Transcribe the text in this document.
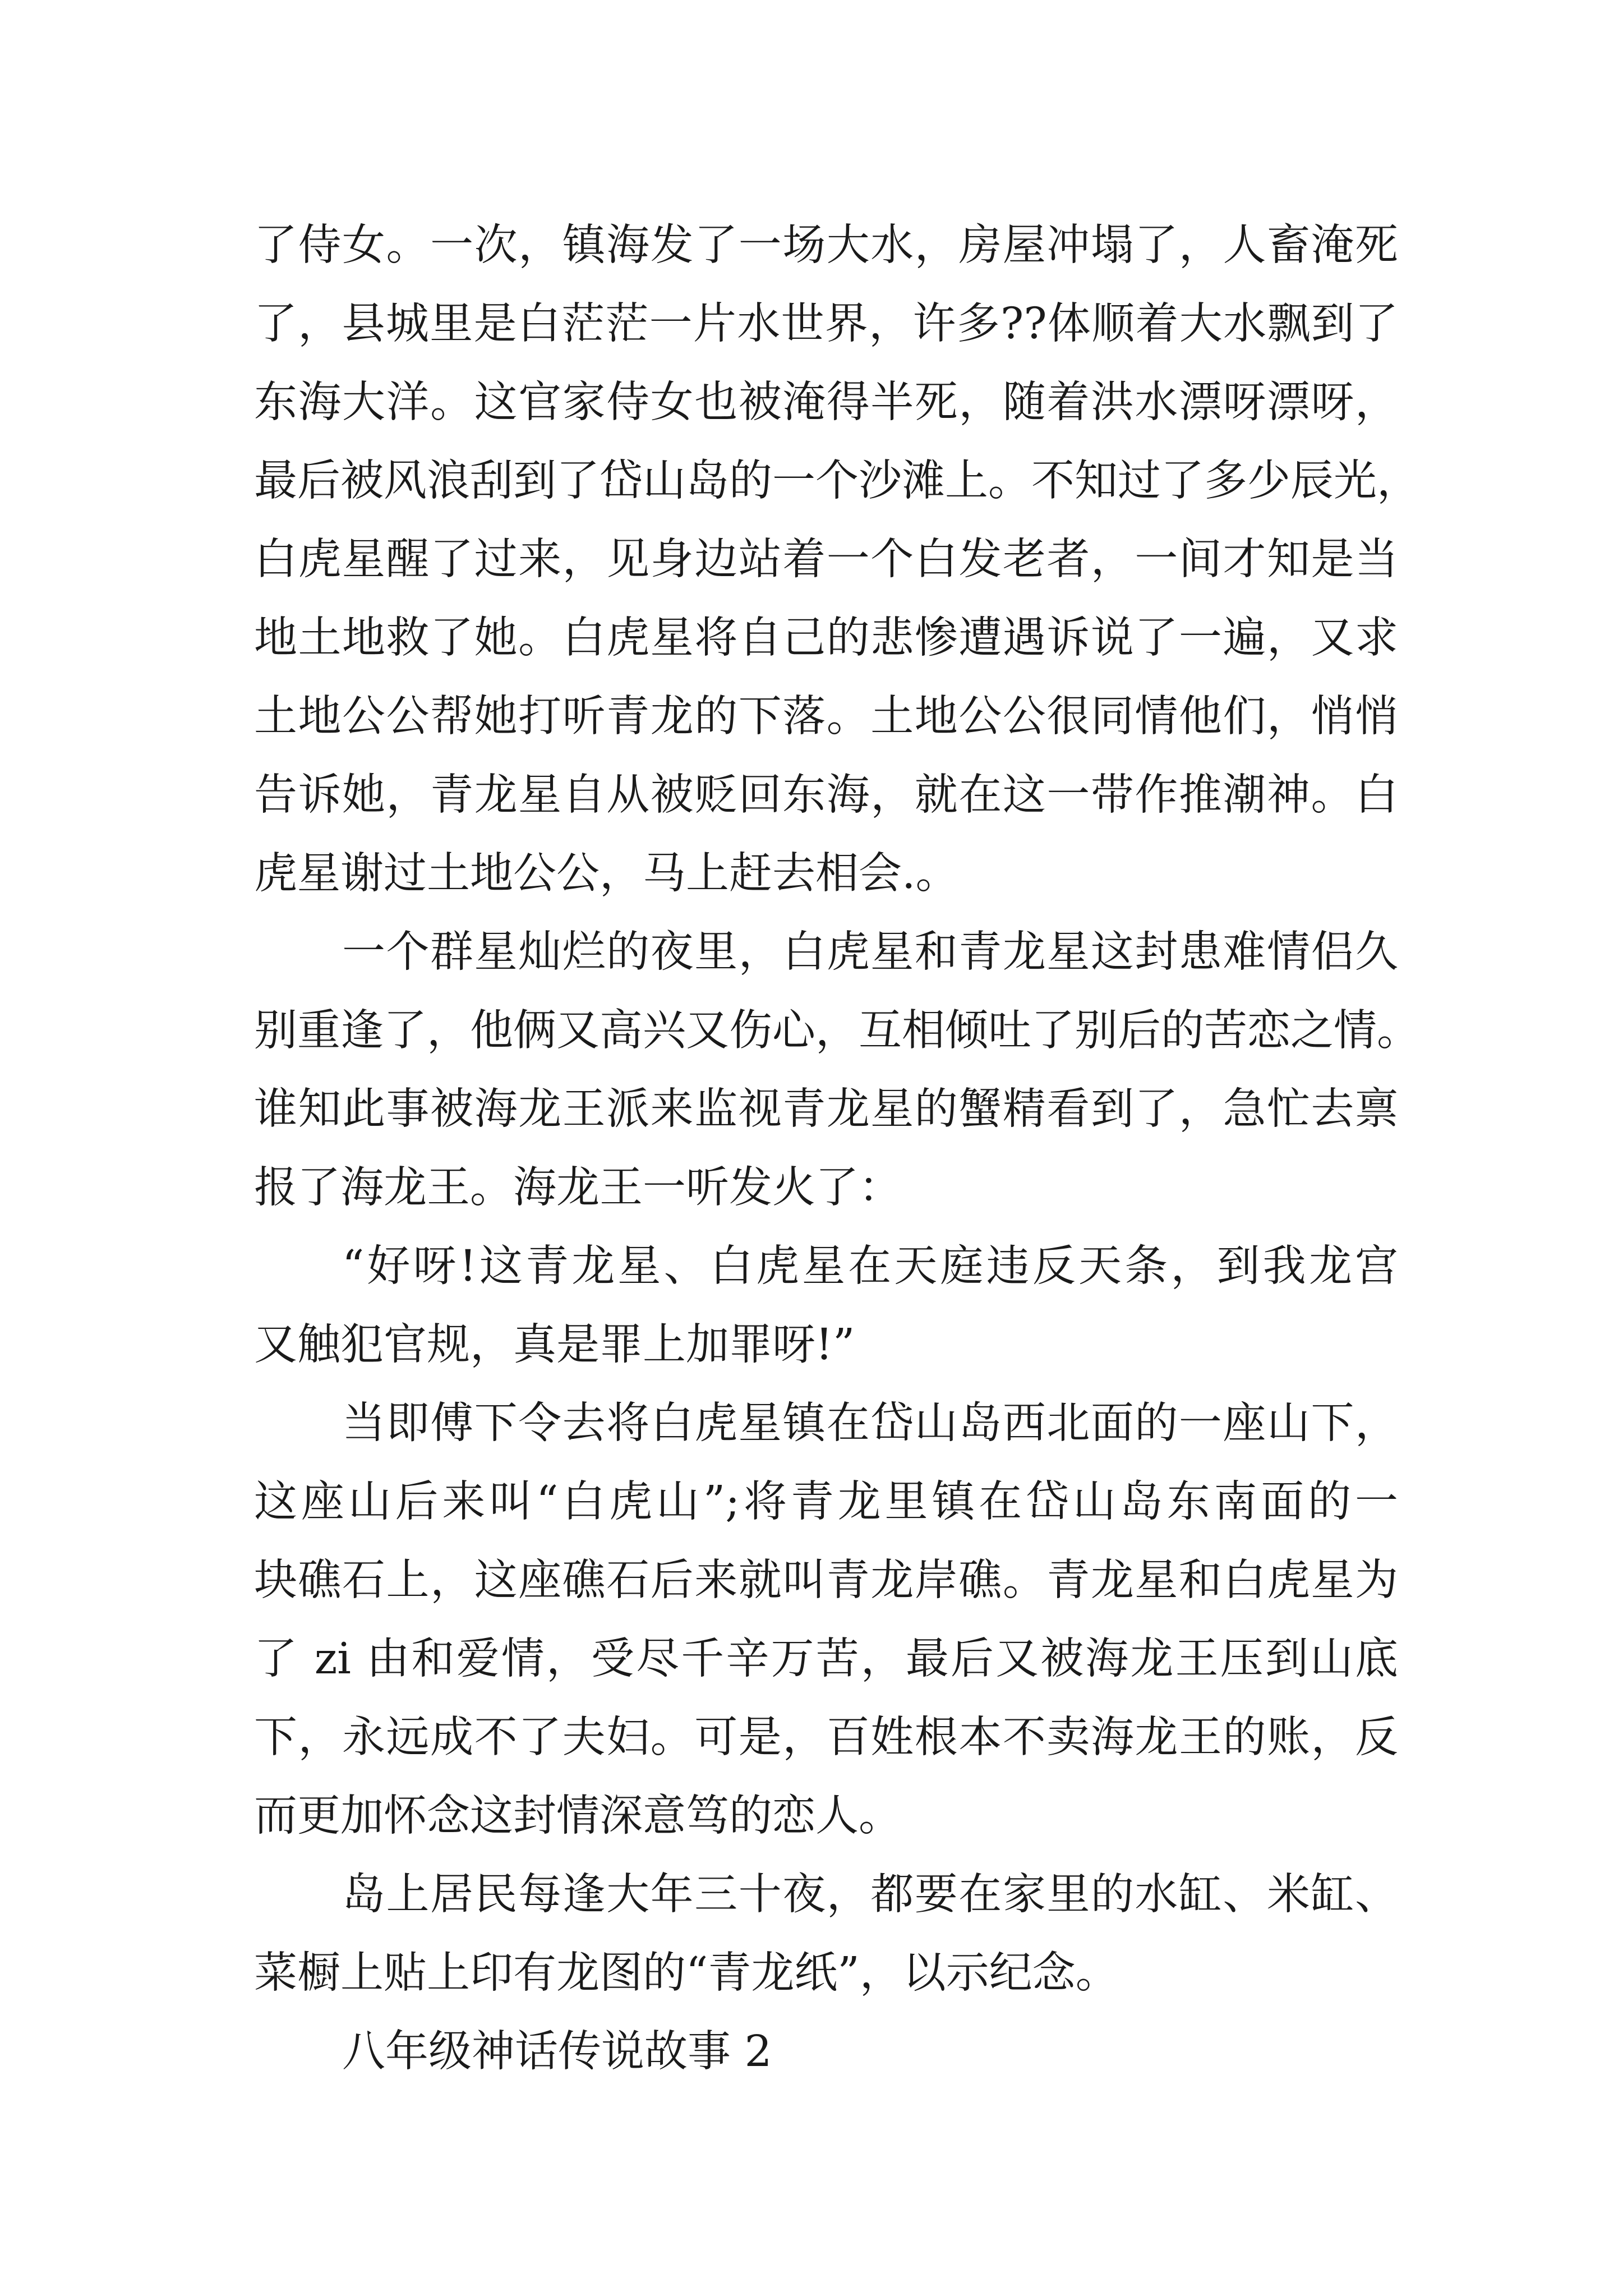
了侍女。一次，镇海发了一场大水，房屋冲塌了，人畜淹死
了，县城里是白茫茫一片水世界，许多??体顺着大水飘到了
东海大洋。这官家侍女也被淹得半死，随着洪水漂呀漂呀，
最后被风浪刮到了岱山岛的一个沙滩上。不知过了多少辰光，
白虎星醒了过来，见身边站着一个白发老者，一间才知是当
地土地救了她。白虎星将自己的悲惨遭遇诉说了一遍，又求
土地公公帮她打听青龙的下落。土地公公很同情他们，悄悄
告诉她，青龙星自从被贬回东海，就在这一带作推潮神。白
虎星谢过土地公公，马上赶去相会.。
一个群星灿烂的夜里，白虎星和青龙星这封患难情侣久
别重逢了，他俩又高兴又伤心，互相倾吐了别后的苦恋之情。
谁知此事被海龙王派来监视青龙星的蟹精看到了，急忙去禀
报了海龙王。海龙王一听发火了：
“好呀!这青龙星、白虎星在天庭违反天条，到我龙宫
又触犯官规，真是罪上加罪呀!”
当即傅下令去将白虎星镇在岱山岛西北面的一座山下，
这座山后来叫“白虎山”;将青龙里镇在岱山岛东南面的一
块礁石上，这座礁石后来就叫青龙岸礁。青龙星和白虎星为
了 zi 由和爱情，受尽千辛万苦，最后又被海龙王压到山底
下，永远成不了夫妇。可是，百姓根本不卖海龙王的账，反
而更加怀念这封情深意笃的恋人。
岛上居民每逢大年三十夜，都要在家里的水缸、米缸、
菜橱上贴上印有龙图的“青龙纸”，以示纪念。
八年级神话传说故事 2
